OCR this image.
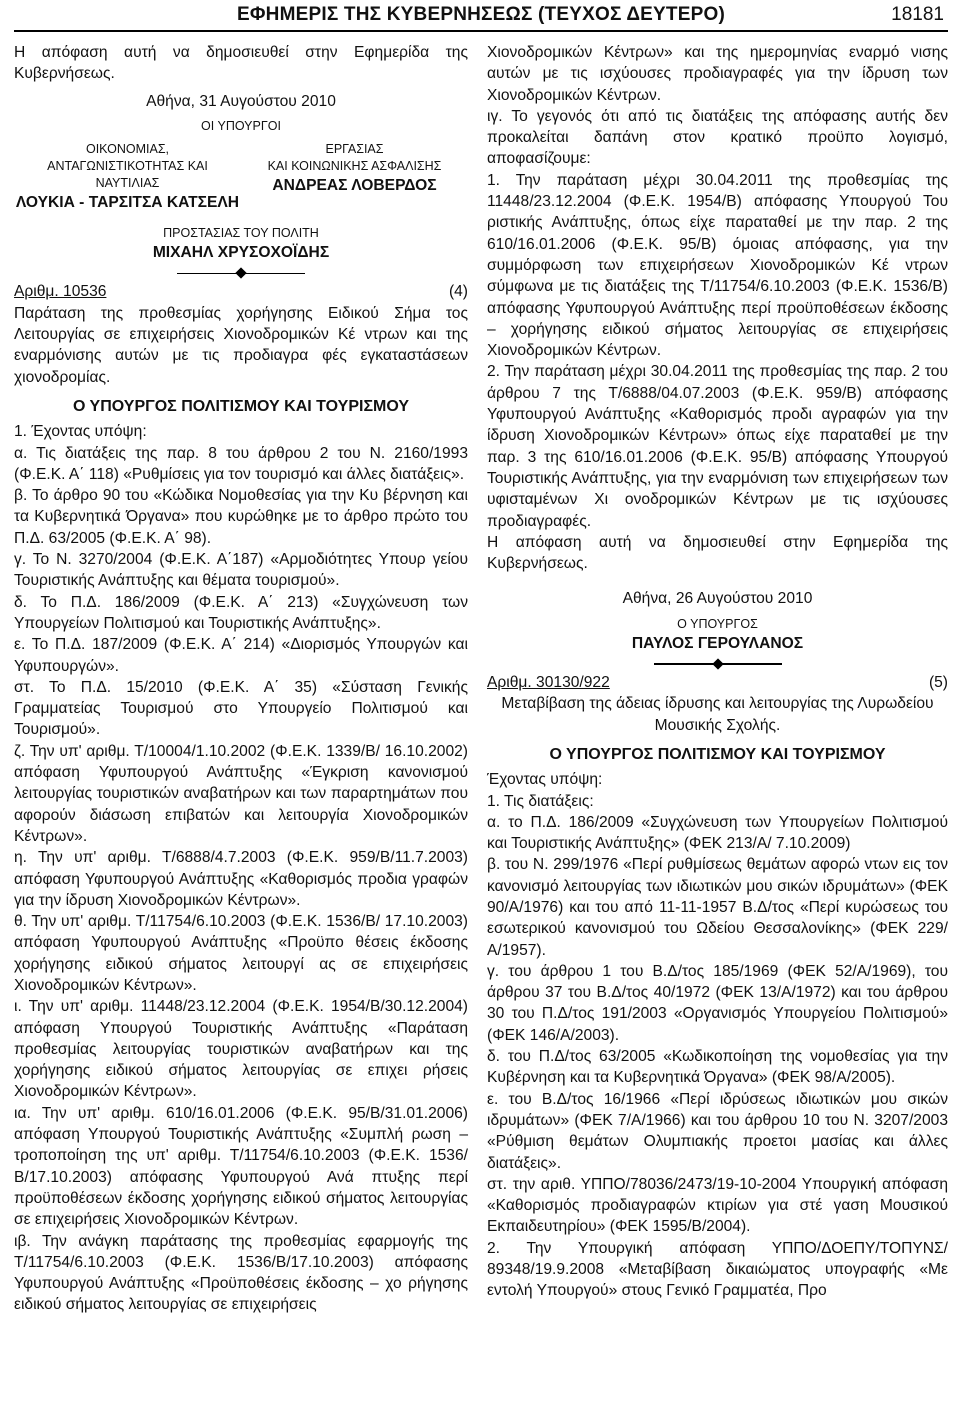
ΕΦΗΜΕΡΙΣ ΤΗΣ ΚΥΒΕΡΝΗΣΕΩΣ (ΤΕΥΧΟΣ ΔΕΥΤΕΡΟ)	18181

Η απόφαση αυτή να δημοσιευθεί στην Εφημερίδα της Κυβερνήσεως.

Αθήνα, 31 Αυγούστου 2010
ΟΙ ΥΠΟΥΡΓΟΙ
ΟΙΚΟΝΟΜΙΑΣ,
ΑΝΤΑΓΩΝΙΣΤΙΚΟΤΗΤΑΣ ΚΑΙ ΝΑΥΤΙΛΙΑΣ
ΛΟΥΚΙΑ - ΤΑΡΣΙΤΣΑ ΚΑΤΣΕΛΗ
ΕΡΓΑΣΙΑΣ
ΚΑΙ ΚΟΙΝΩΝΙΚΗΣ ΑΣΦΑΛΙΣΗΣ
ΑΝΔΡΕΑΣ ΛΟΒΕΡΔΟΣ
ΠΡΟΣΤΑΣΙΑΣ ΤΟΥ ΠΟΛΙΤΗ
ΜΙΧΑΗΛ ΧΡΥΣΟΧΟΪΔΗΣ
Αριθμ. 10536	(4)

Παράταση της προθεσμίας χορήγησης Ειδικού Σήμα τος Λειτουργίας σε επιχειρήσεις Χιονοδρομικών Κέ ντρων και της εναρμόνισης αυτών με τις προδιαγρα φές εγκαταστάσεων χιονοδρομίας.

Ο ΥΠΟΥΡΓΟΣ ΠΟΛΙΤΙΣΜΟΥ ΚΑΙ ΤΟΥΡΙΣΜΟΥ

1. Έχοντας υπόψη:

α. Τις διατάξεις της παρ. 8 του άρθρου 2 του Ν. 2160/1993 (Φ.Ε.Κ. Α΄ 118) «Ρυθμίσεις για τον τουρισμό και άλλες διατάξεις».

β. Το άρθρο 90 του «Κώδικα Νομοθεσίας για την Κυ βέρνηση και τα Κυβερνητικά Όργανα» που κυρώθηκε με το άρθρο πρώτο του Π.Δ. 63/2005 (Φ.Ε.Κ. Α΄ 98).

γ. Το Ν. 3270/2004 (Φ.Ε.Κ. Α΄187) «Αρμοδιότητες Υπουρ γείου Τουριστικής Ανάπτυξης και θέματα τουρισμού».

δ. Το Π.Δ. 186/2009 (Φ.Ε.Κ. Α΄ 213) «Συγχώνευση των Υπουργείων Πολιτισμού και Τουριστικής Ανάπτυξης».

ε. Το Π.Δ. 187/2009 (Φ.Ε.Κ. Α΄ 214) «Διορισμός Υπουργών και Υφυπουργών».

στ. Το Π.Δ. 15/2010 (Φ.Ε.Κ. Α΄ 35) «Σύσταση Γενικής Γραμματείας Τουρισμού στο Υπουργείο Πολιτισμού και Τουρισμού».

ζ. Την υπ' αριθμ. Τ/10004/1.10.2002 (Φ.Ε.Κ. 1339/Β/ 16.10.2002) απόφαση Υφυπουργού Ανάπτυξης «Έγκριση κανονισμού λειτουργίας τουριστικών αναβατήρων και των παραρτημάτων που αφορούν διάσωση επιβατών και λειτουργία Χιονοδρομικών Κέντρων».

η. Την υπ' αριθμ. Τ/6888/4.7.2003 (Φ.Ε.Κ. 959/Β/11.7.2003) απόφαση Υφυπουργού Ανάπτυξης «Καθορισμός προδια γραφών για την ίδρυση Χιονοδρομικών Κέντρων».

θ. Την υπ' αριθμ. Τ/11754/6.10.2003 (Φ.Ε.Κ. 1536/Β/ 17.10.2003) απόφαση Υφυπουργού Ανάπτυξης «Προϋπο θέσεις έκδοσης χορήγησης ειδικού σήματος λειτουργί ας σε επιχειρήσεις Χιονοδρομικών Κέντρων».

ι. Την υπ' αριθμ. 11448/23.12.2004 (Φ.Ε.Κ. 1954/Β/30.12.2004) απόφαση Υπουργού Τουριστικής Ανάπτυξης «Παράταση προθεσμίας λειτουργίας τουριστικών αναβατήρων και της χορήγησης ειδικού σήματος λειτουργίας σε επιχει ρήσεις Χιονοδρομικών Κέντρων».

ια. Την υπ' αριθμ. 610/16.01.2006 (Φ.Ε.Κ. 95/Β/31.01.2006) απόφαση Υπουργού Τουριστικής Ανάπτυξης «Συμπλή ρωση – τροποποίηση της υπ' αριθμ. Τ/11754/6.10.2003 (Φ.Ε.Κ. 1536/Β/17.10.2003) απόφασης Υφυπουργού Ανά πτυξης περί προϋποθέσεων έκδοσης χορήγησης ειδικού σήματος λειτουργίας σε επιχειρήσεις Χιονοδρομικών Κέντρων.

ιβ. Την ανάγκη παράτασης της προθεσμίας εφαρμογής της Τ/11754/6.10.2003 (Φ.Ε.Κ. 1536/Β/17.10.2003) απόφασης Υφυπουργού Ανάπτυξης «Προϋποθέσεις έκδοσης – χο ρήγησης ειδικού σήματος λειτουργίας σε επιχειρήσεις

Χιονοδρομικών Κέντρων» και της ημερομηνίας εναρμό νισης αυτών με τις ισχύουσες προδιαγραφές για την ίδρυση των Χιονοδρομικών Κέντρων.

ιγ. Το γεγονός ότι από τις διατάξεις της απόφασης αυτής δεν προκαλείται δαπάνη στον κρατικό προϋπο λογισμό, αποφασίζουμε:

1. Την παράταση μέχρι 30.04.2011 της προθεσμίας της 11448/23.12.2004 (Φ.Ε.Κ. 1954/Β) απόφασης Υπουργού Του ριστικής Ανάπτυξης, όπως είχε παραταθεί με την παρ. 2 της 610/16.01.2006 (Φ.Ε.Κ. 95/Β) όμοιας απόφασης, για την συμμόρφωση των επιχειρήσεων Χιονοδρομικών Κέ ντρων σύμφωνα με τις διατάξεις της Τ/11754/6.10.2003 (Φ.Ε.Κ. 1536/Β) απόφασης Υφυπουργού Ανάπτυξης περί προϋποθέσεων έκδοσης – χορήγησης ειδικού σήματος λειτουργίας σε επιχειρήσεις Χιονοδρομικών Κέντρων.

2. Την παράταση μέχρι 30.04.2011 της προθεσμίας της παρ. 2 του άρθρου 7 της Τ/6888/04.07.2003 (Φ.Ε.Κ. 959/Β) απόφασης Υφυπουργού Ανάπτυξης «Καθορισμός προδι αγραφών για την ίδρυση Χιονοδρομικών Κέντρων» όπως είχε παραταθεί με την παρ. 3 της 610/16.01.2006 (Φ.Ε.Κ. 95/Β) απόφασης Υπουργού Τουριστικής Ανάπτυξης, για την εναρμόνιση των επιχειρήσεων των υφισταμένων Χι ονοδρομικών Κέντρων με τις ισχύουσες προδιαγραφές.

Η απόφαση αυτή να δημοσιευθεί στην Εφημερίδα της Κυβερνήσεως.

Αθήνα, 26 Αυγούστου 2010
Ο ΥΠΟΥΡΓΟΣ
ΠΑΥΛΟΣ ΓΕΡΟΥΛΑΝΟΣ
Αριθμ. 30130/922	(5)

Μεταβίβαση της άδειας ίδρυσης και λειτουργίας της Λυρωδείου Μουσικής Σχολής.

Ο ΥΠΟΥΡΓΟΣ ΠΟΛΙΤΙΣΜΟΥ ΚΑΙ ΤΟΥΡΙΣΜΟΥ

Έχοντας υπόψη:

1. Τις διατάξεις:

α. το Π.Δ. 186/2009 «Συγχώνευση των Υπουργείων Πολιτισμού και Τουριστικής Ανάπτυξης» (ΦΕΚ 213/Α/ 7.10.2009)

β. του Ν. 299/1976 «Περί ρυθμίσεως θεμάτων αφορώ ντων εις τον κανονισμό λειτουργίας των ιδιωτικών μου σικών ιδρυμάτων» (ΦΕΚ 90/Α/1976) και του από 11-11-1957 Β.Δ/τος «Περί κυρώσεως του εσωτερικού κανονισμού του Ωδείου Θεσσαλονίκης» (ΦΕΚ 229/Α/1957).

γ. του άρθρου 1 του Β.Δ/τος 185/1969 (ΦΕΚ 52/Α/1969), του άρθρου 37 του Β.Δ/τος 40/1972 (ΦΕΚ 13/Α/1972) και του άρθρου 30 του Π.Δ/τος 191/2003 «Οργανισμός Υπουργείου Πολιτισμού» (ΦΕΚ 146/Α/2003).

δ. του Π.Δ/τος 63/2005 «Κωδικοποίηση της νομοθεσίας για την Κυβέρνηση και τα Κυβερνητικά Όργανα» (ΦΕΚ 98/Α/2005).

ε. του Β.Δ/τος 16/1966 «Περί ιδρύσεως ιδιωτικών μου σικών ιδρυμάτων» (ΦΕΚ 7/Α/1966) και του άρθρου 10 του Ν. 3207/2003 «Ρύθμιση θεμάτων Ολυμπιακής προετοι μασίας και άλλες διατάξεις».

στ. την αριθ. ΥΠΠΟ/78036/2473/19-10-2004 Υπουργική απόφαση «Καθορισμός προδιαγραφών κτιρίων για στέ γαση Μουσικού Εκπαιδευτηρίου» (ΦΕΚ 1595/Β/2004).

2. Την Υπουργική απόφαση ΥΠΠΟ/ΔΟΕΠΥ/ΤΟΠΥΝΣ/ 89348/19.9.2008 «Μεταβίβαση δικαιώματος υπογραφής «Με εντολή Υπουργού» στους Γενικό Γραμματέα, Προ
